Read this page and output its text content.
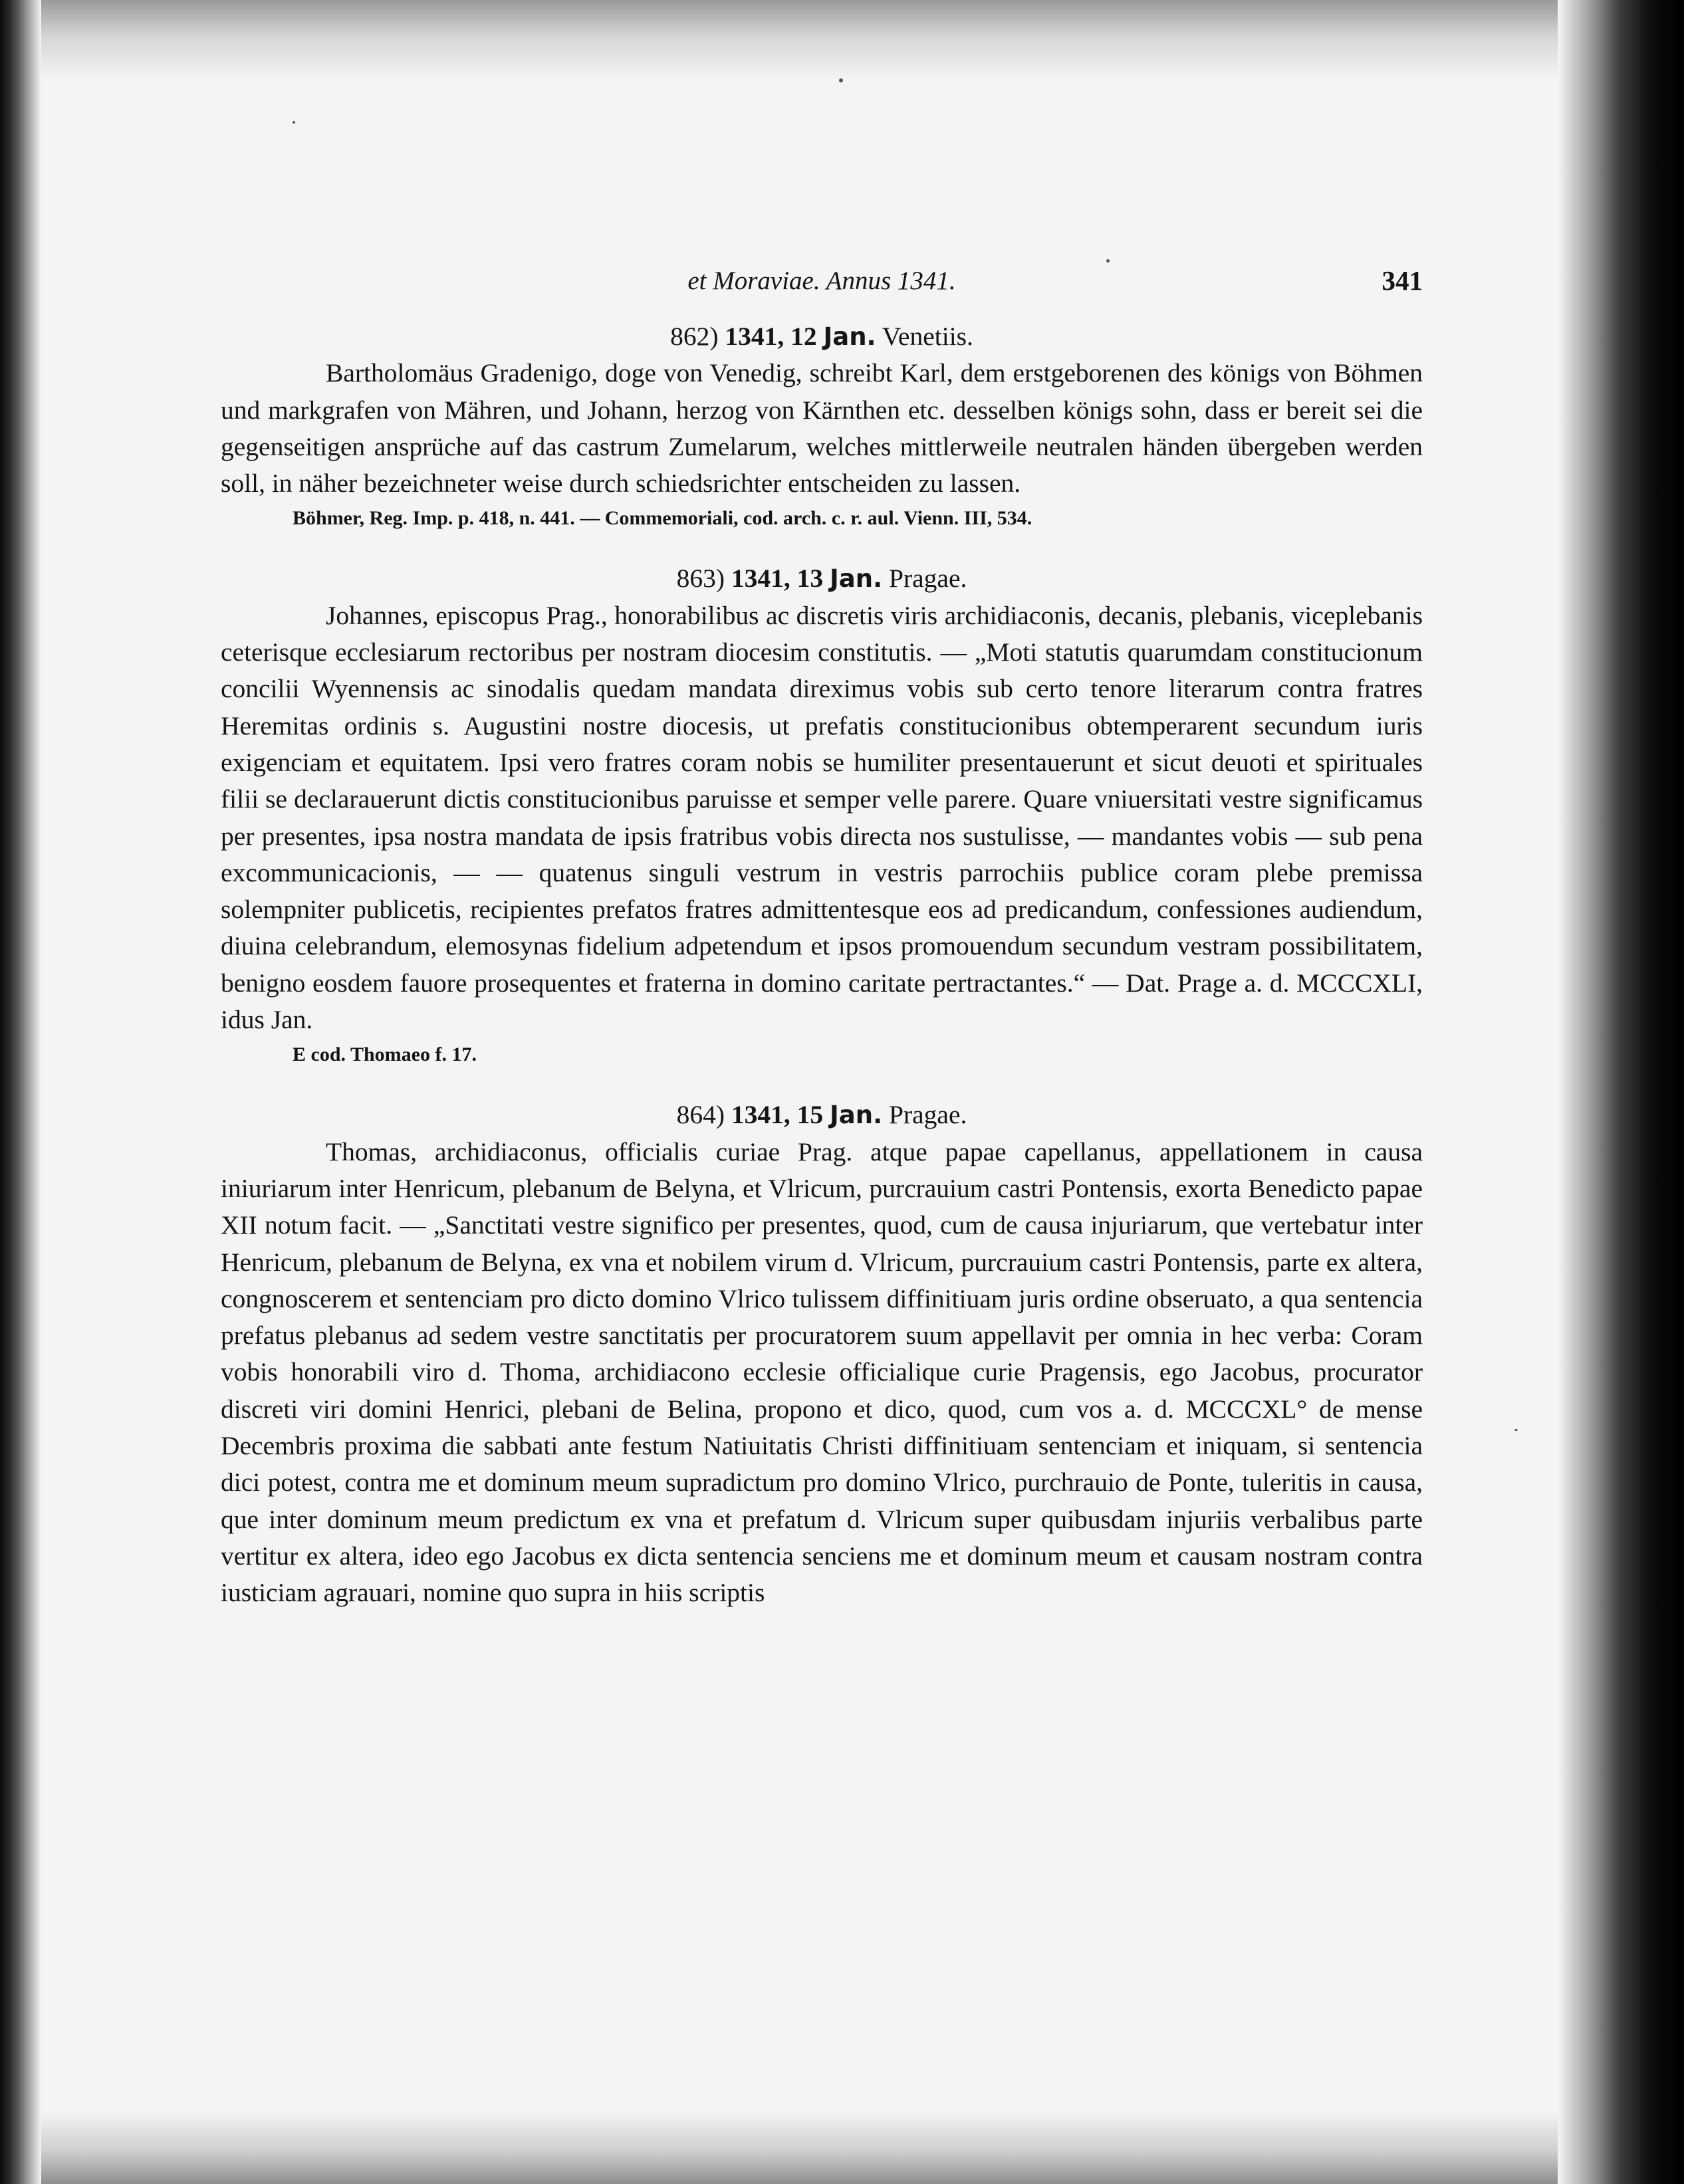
et Moraviae. Annus 1341.	341

862) 1341, 12 Jan. Venetiis.

Bartholomäus Gradenigo, doge von Venedig, schreibt Karl, dem erstgeborenen des königs von Böhmen und markgrafen von Mähren, und Johann, herzog von Kärnthen etc. desselben königs sohn, dass er bereit sei die gegenseitigen ansprüche auf das castrum Zumelarum, welches mittlerweile neutralen händen übergeben werden soll, in näher bezeichneter weise durch schiedsrichter entscheiden zu lassen.

Böhmer, Reg. Imp. p. 418, n. 441. — Commemoriali, cod. arch. c. r. aul. Vienn. III, 534.

863) 1341, 13 Jan. Pragae.

Johannes, episcopus Prag., honorabilibus ac discretis viris archidiaconis, decanis, plebanis, viceplebanis ceterisque ecclesiarum rectoribus per nostram diocesim constitutis. — „Moti statutis quarumdam constitucionum concilii Wyennensis ac sinodalis quedam mandata direximus vobis sub certo tenore literarum contra fratres Heremitas ordinis s. Augustini nostre diocesis, ut prefatis constitucionibus obtemperarent secundum iuris exigenciam et equitatem. Ipsi vero fratres coram nobis se humiliter presentauerunt et sicut deuoti et spirituales filii se declarauerunt dictis constitucionibus paruisse et semper velle parere. Quare vniuersitati vestre significamus per presentes, ipsa nostra mandata de ipsis fratribus vobis directa nos sustulisse, — mandantes vobis — sub pena excommunicacionis, — — quatenus singuli vestrum in vestris parrochiis publice coram plebe premissa solempniter publicetis, recipientes prefatos fratres admittentesque eos ad predicandum, confessiones audiendum, diuina celebrandum, elemosynas fidelium adpetendum et ipsos promouendum secundum vestram possibilitatem, benigno eosdem fauore prosequentes et fraterna in domino caritate pertractantes.“ — Dat. Prage a. d. MCCCXLI, idus Jan.

E cod. Thomaeo f. 17.

864) 1341, 15 Jan. Pragae.

Thomas, archidiaconus, officialis curiae Prag. atque papae capellanus, appellationem in causa iniuriarum inter Henricum, plebanum de Belyna, et Vlricum, purcrauium castri Pontensis, exorta Benedicto papae XII notum facit. — „Sanctitati vestre significo per presentes, quod, cum de causa injuriarum, que vertebatur inter Henricum, plebanum de Belyna, ex vna et nobilem virum d. Vlricum, purcrauium castri Pontensis, parte ex altera, congnoscerem et sentenciam pro dicto domino Vlrico tulissem diffinitiuam juris ordine obseruato, a qua sentencia prefatus plebanus ad sedem vestre sanctitatis per procuratorem suum appellavit per omnia in hec verba: Coram vobis honorabili viro d. Thoma, archidiacono ecclesie officialique curie Pragensis, ego Jacobus, procurator discreti viri domini Henrici, plebani de Belina, propono et dico, quod, cum vos a. d. MCCCXL° de mense Decembris proxima die sabbati ante festum Natiuitatis Christi diffinitiuam sentenciam et iniquam, si sentencia dici potest, contra me et dominum meum supradictum pro domino Vlrico, purchrauio de Ponte, tuleritis in causa, que inter dominum meum predictum ex vna et prefatum d. Vlricum super quibusdam injuriis verbalibus parte vertitur ex altera, ideo ego Jacobus ex dicta sentencia senciens me et dominum meum et causam nostram contra iusticiam agrauari, nomine quo supra in hiis scriptis
